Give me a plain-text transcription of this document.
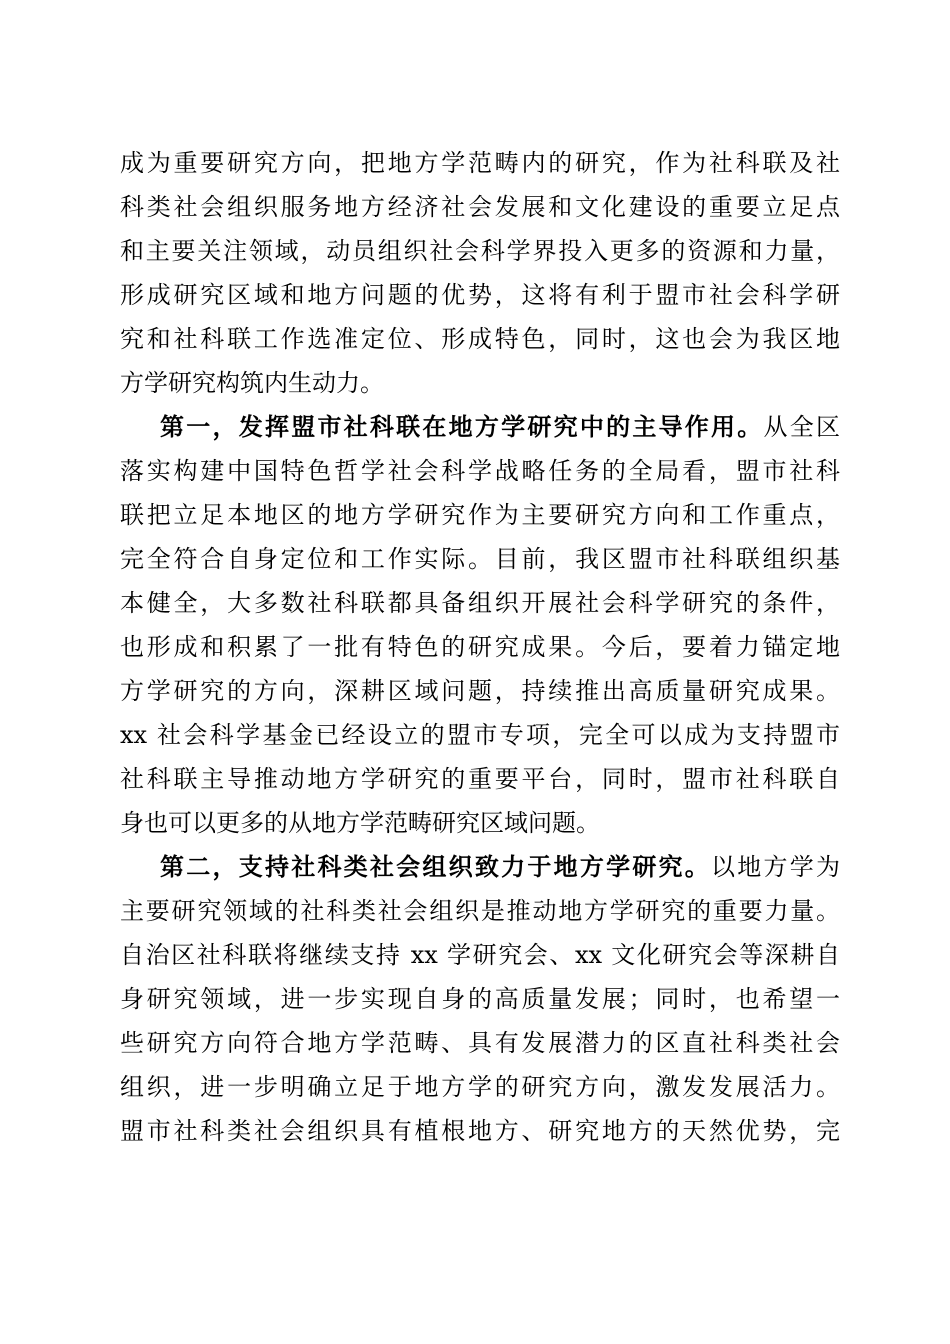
成为重要研究方向，把地方学范畴内的研究，作为社科联及社
科类社会组织服务地方经济社会发展和文化建设的重要立足点
和主要关注领域，动员组织社会科学界投入更多的资源和力量，
形成研究区域和地方问题的优势，这将有利于盟市社会科学研
究和社科联工作选准定位、形成特色，同时，这也会为我区地
方学研究构筑内生动力。
第一，发挥盟市社科联在地方学研究中的主导作用。从全区
落实构建中国特色哲学社会科学战略任务的全局看，盟市社科
联把立足本地区的地方学研究作为主要研究方向和工作重点，
完全符合自身定位和工作实际。目前，我区盟市社科联组织基
本健全，大多数社科联都具备组织开展社会科学研究的条件，
也形成和积累了一批有特色的研究成果。今后，要着力锚定地
方学研究的方向，深耕区域问题，持续推出高质量研究成果。
xx 社会科学基金已经设立的盟市专项，完全可以成为支持盟市
社科联主导推动地方学研究的重要平台，同时，盟市社科联自
身也可以更多的从地方学范畴研究区域问题。
第二，支持社科类社会组织致力于地方学研究。以地方学为
主要研究领域的社科类社会组织是推动地方学研究的重要力量。
自治区社科联将继续支持 xx 学研究会、xx 文化研究会等深耕自
身研究领域，进一步实现自身的高质量发展；同时，也希望一
些研究方向符合地方学范畴、具有发展潜力的区直社科类社会
组织，进一步明确立足于地方学的研究方向，激发发展活力。
盟市社科类社会组织具有植根地方、研究地方的天然优势，完
